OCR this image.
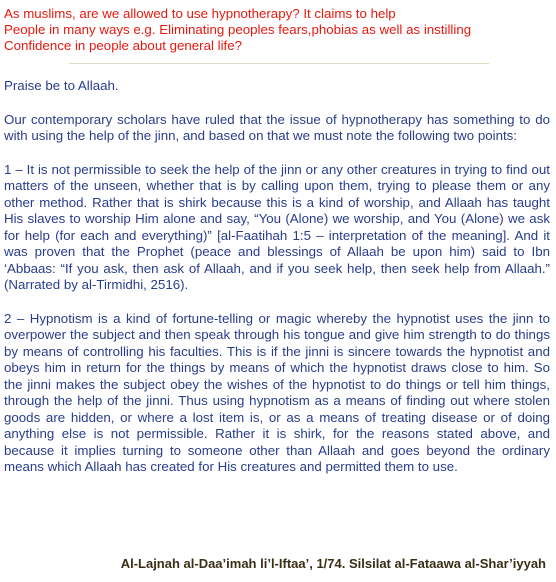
As muslims, are we allowed to use hypnotherapy? It claims to help
People in many ways e.g. Eliminating peoples fears,phobias as well as instilling
Confidence in people about general life?

Praise be to Allaah.

Our contemporary scholars have ruled that the issue of hypnotherapy has something to do with using the help of the jinn, and based on that we must note the following two points:

1 – It is not permissible to seek the help of the jinn or any other creatures in trying to find out matters of the unseen, whether that is by calling upon them, trying to please them or any other method. Rather that is shirk because this is a kind of worship, and Allaah has taught His slaves to worship Him alone and say, “You (Alone) we worship, and You (Alone) we ask for help (for each and everything)” [al-Faatihah 1:5 – interpretation of the meaning]. And it was proven that the Prophet (peace and blessings of Allaah be upon him) said to Ibn ‘Abbaas: “If you ask, then ask of Allaah, and if you seek help, then seek help from Allaah.” (Narrated by al-Tirmidhi, 2516).

2 – Hypnotism is a kind of fortune-telling or magic whereby the hypnotist uses the jinn to overpower the subject and then speak through his tongue and give him strength to do things by means of controlling his faculties. This is if the jinni is sincere towards the hypnotist and obeys him in return for the things by means of which the hypnotist draws close to him. So the jinni makes the subject obey the wishes of the hypnotist to do things or tell him things, through the help of the jinni. Thus using hypnotism as a means of finding out where stolen goods are hidden, or where a lost item is, or as a means of treating disease or of doing anything else is not permissible. Rather it is shirk, for the reasons stated above, and because it implies turning to someone other than Allaah and goes beyond the ordinary means which Allaah has created for His creatures and permitted them to use.

Al-Lajnah al-Daa’imah li’l-Iftaa’, 1/74. Silsilat al-Fataawa al-Shar’iyyah
